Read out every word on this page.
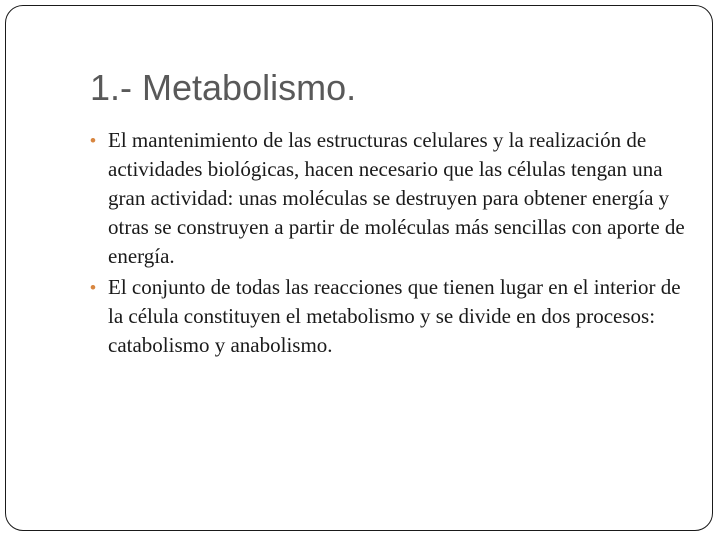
1.- Metabolismo.
• El mantenimiento de las estructuras celulares y la realización de actividades biológicas, hacen necesario que las células tengan una gran actividad: unas moléculas se destruyen para obtener energía y otras se construyen a partir de moléculas más sencillas con aporte de energía.
• El conjunto de todas las reacciones que tienen lugar en el interior de la célula constituyen el metabolismo y se divide en dos procesos: catabolismo y anabolismo.
